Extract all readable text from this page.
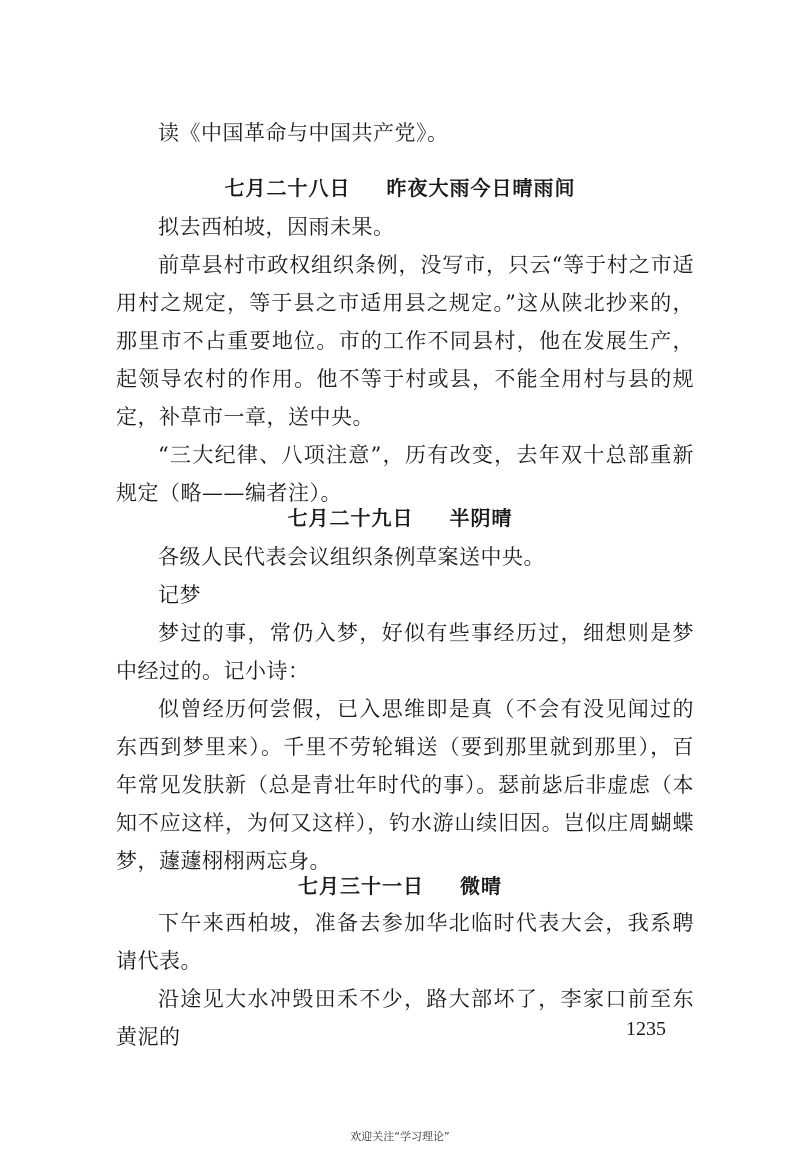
读《中国革命与中国共产党》。

七月二十八日 昨夜大雨今日晴雨间

拟去西柏坡，因雨未果。

前草县村市政权组织条例，没写市，只云“等于村之市适用村之规定，等于县之市适用县之规定。”这从陕北抄来的，那里市不占重要地位。市的工作不同县村，他在发展生产，起领导农村的作用。他不等于村或县，不能全用村与县的规定，补草市一章，送中央。

“三大纪律、八项注意”，历有改变，去年双十总部重新规定（略——编者注）。

七月二十九日 半阴晴

各级人民代表会议组织条例草案送中央。

记梦

梦过的事，常仍入梦，好似有些事经历过，细想则是梦中经过的。记小诗：

似曾经历何尝假，已入思维即是真（不会有没见闻过的东西到梦里来）。千里不劳轮辑送（要到那里就到那里），百年常见发肤新（总是青壮年时代的事）。瑟前毖后非虚虑（本知不应这样，为何又这样），钓水游山续旧因。岂似庄周蝴蝶梦，蘧蘧栩栩两忘身。

七月三十一日 微晴

下午来西柏坡，准备去参加华北临时代表大会，我系聘请代表。

沿途见大水冲毁田禾不少，路大部坏了，李家口前至东黄泥的	1235

欢迎关注“学习理论”
